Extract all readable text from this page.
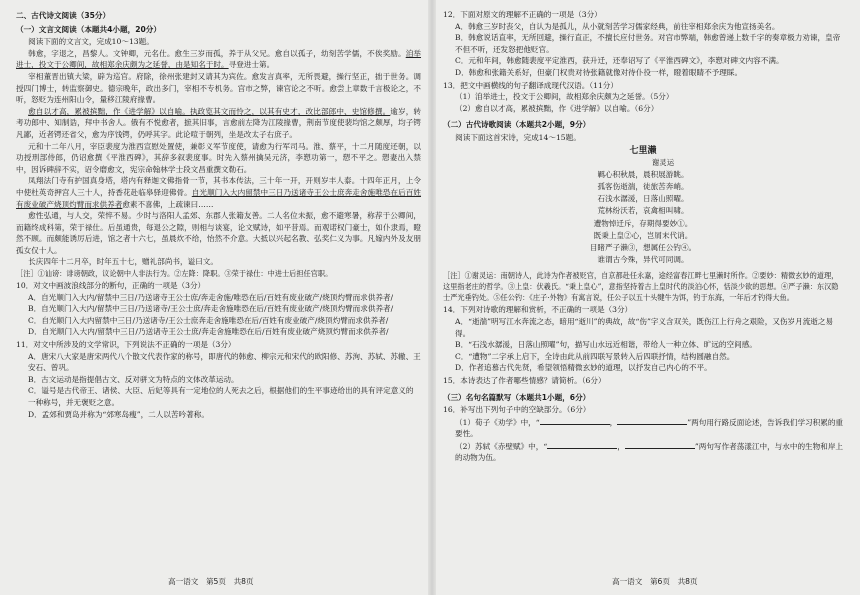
二、古代诗文阅读（35分）
（一）文言文阅读（本题共4小题，20分）
阅读下面的文言文，完成10～13题。
韩愈，字退之，昌黎人。文钟卿，元名仕。愈生三岁而孤，养于从父兄。愈自以孤子，幼刻苦学儒，不俟奖励。洎举进士，投文于公卿间，故相郑余庆颇为之延誉，由是知名于时。寻登进士第。
宰相董晋出镇大梁，辟为巡官。府除，徐州张建封又请其为宾佐。愈发言真率，无所畏避，操行坚正，拙于世务。调授四门博士，转监察御史。德宗晚年，政出多门，宰相不专机务。宫市之弊，谏官论之不听。愈尝上章数千言极论之，不听，怒贬为连州阳山令，量移江陵府掾曹。
愈自以才高，累被摈黜，作《进学解》以自喻。执政览其文而怜之，以其有史才，改比部郎中、史馆修撰。逾岁，转考功郎中、知制诰，拜中书舍人。俄有不悦愈者，摭其旧事，言愈前左降为江陵掾曹，荆南节度使裴均馆之颇厚，均子锷凡鄙，近者锷还省父，愈为序饯锷，仍呼其字。此论喧于朝列，坐是改太子右庶子。
元和十二年八月，宰臣裴度为淮西宣慰处置使，兼彰义军节度使，请愈为行军司马。淮、蔡平，十二月随度还朝，以功授刑部侍郎，仍诏愈撰《平淮西碑》，其辞多叙裴度事。时先入蔡州擒吴元济，李愬功第一，愬不平之。愬妻出入禁中，因诉碑辞不实，诏令磨愈文，宪宗命翰林学士段文昌重撰文勒石。
凤翔法门寺有护国真身塔，塔内有释迦文佛指骨一节，其书本传法，三十年一开，开则岁丰人泰。十四年正月，上令中使杜英奇押宫人三十人，持香花赴临皋驿迎佛骨。自光顺门入大内留禁中三日乃送诸寺王公士庶奔走舍施唯恐在后百姓有废业破产烧顶灼臂而求供养者愈素不喜佛，上疏谏曰……
愈性弘通，与人交，荣悴不易。少时与洛阳人孟郊、东郡人张籍友善。二人名位未振，愈不避寒暑，称荐于公卿间，而籍终成科第，荣于禄仕。后虽通贵，每退公之隙，则相与谈宴，论文赋诗，如平昔焉。而观诺权门豪士，如仆隶焉，瞪然不顾。而颇能诱厉后进，馆之者十六七，虽晨炊不给，怡然不介意。大抵以兴起名教、弘奖仁义为事。凡嫁内外及友朋孤女仅十人。
长庆四年十二月卒，时年五十七，赠礼部尚书，谥曰文。
［注］①讪谤：诽谤朝政，议论朝中人非法行为。②左降：降职。③荣于禄仕：中进士后担任官职。
10．对文中画波浪线部分的断句，正确的一项是（3分）
A．自光顺门入大内/留禁中三日/乃送诸寺王公士庶/奔走舍施/唯恐在后/百姓有废业破产/烧顶灼臂而求供养者/
B．自光顺门入大内/留禁中三日/乃送诸寺/王公士庶/奔走舍施唯恐在后/百姓有废业破产/烧顶灼臂而求供养者/
C．自光顺门入大内留禁中三日/乃送诸寺/王公士庶奔走舍施唯恐在后/百姓有废业破产/烧顶灼臂而求供养者/
D．自光顺门入大内/留禁中三日/乃送诸寺王公士庶/奔走舍施唯恐在后/百姓有废业破产烧顶灼臂而求供养者/
11．对文中所涉及的文学常识，下列说法不正确的一项是（3分）
A．唐宋八大家是唐宋两代八个散文代表作家的称号，即唐代的韩愈、柳宗元和宋代的欧阳修、苏洵、苏轼、苏辙、王安石、曾巩。
B．古文运动是指提倡古文、反对骈文为特点的文体改革运动。
C．谥号是古代帝王、诸侯、大臣、后妃等具有一定地位的人死去之后，根据他们的生平事迹给出的具有评定意义的一种称号，并无褒贬之意。
D．孟郊和贾岛并称为“郊寒岛瘦”，二人以苦吟著称。
12．下面对原文的理解不正确的一项是（3分）
A．韩愈三岁时丧父，自认为是孤儿，从小就刻苦学习儒家经典，前往宰相郑余庆为他宣扬美名。
B．韩愈说话直率，无所回避，操行直正，不擅长应付世务。对宫市弊端，韩愈曾递上数千字的奏章极力劝谏，皇帝不但不听，还发怒把他贬官。
C．元和年间，韩愈随裴度平定淮西，获升迁，还奉诏写了《平淮西碑文》，李愬对碑文内容不满。
D．韩愈和张籍关系好，但豪门权贵对待张籍就像对待仆役一样，瞪着眼睛不予理睬。
13．把文中画横线的句子翻译成现代汉语。（11分）
（1）洎举进士，投文于公卿间，故相郑余庆颇为之延誉。（5分）
（2）愈自以才高，累被摈黜，作《进学解》以自喻。（6分）
（二）古代诗歌阅读（本题共2小题，9分）
阅读下面这首宋诗，完成14～15题。
七里濑
谢灵运
羁心积秋晨，晨积展游眺。
孤客伤逝湍，徒旅苦奔峭。
石浅水潺湲，日落山照曜。
荒林纷沃若，哀禽相叫啸。
遭物悼迁斥，存期得要妙①。
既秉上皇②心，岂屑末代诮。
目睹严子濑③，想属任公钓④。
谁谓古今殊，异代可同调。
［注］①谢灵运：南朝诗人，此诗为作者被贬官，自京都赴任永嘉，途经富春江畔七里濑时所作。②要妙：精微玄妙的道理，这里指老庄的哲学。③上皇：伏羲氏。“秉上皇心”，意指坚持着古上皇时代的淡泊心怀，恬淡少欲的思想。④严子濑：东汉隐士严光垂钓处。⑤任公钓：《庄子·外物》有寓言说，任公子以五十头犍牛为饵，钓于东海，一年后才钓得大鱼。
14．下列对诗歌的理解和赏析，不正确的一项是（3分）
A．“逝湍”明写江水奔流之态，暗用“逝川”的典故，故“伤”字义含双关，既伤江上行舟之艰险，又伤岁月流逝之易得。
B．“石浅水潺湲，日落山照曜”句，描写山水远近相谐，带给人一种立体、旷远的空间感。
C．“遭物”二字承上启下，全诗由此从前四联写景转入后四联抒情，结构圆融自然。
D．作者追慕古代先贤，希望领悟精微玄妙的道理，以抒发自己内心的不平。
15．本诗表达了作者哪些情感？请简析。（6分）
（三）名句名篇默写（本题共1小题，6分）
16．补写出下列句子中的空缺部分。（6分）
（1）荀子《劝学》中，“	，	”两句用行路反面论述，告诉我们学习积累的重要性。
（2）苏轼《赤壁赋》中，“	，	”两句写作者荡漾江中，与水中的生物和岸上的动物为伍。
高一语文　第5页　共8页	高一语文　第6页　共8页
